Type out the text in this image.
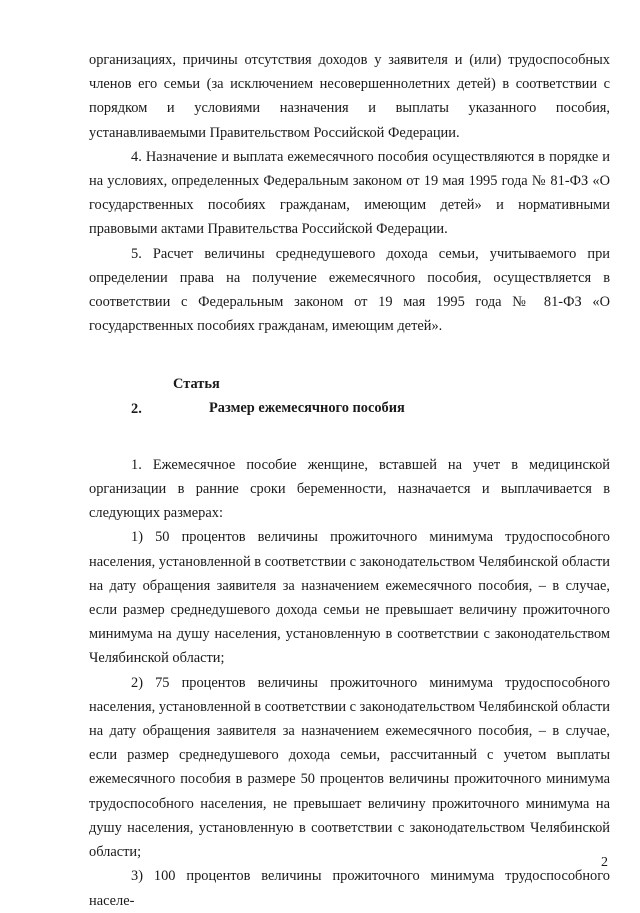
организациях, причины отсутствия доходов у заявителя и (или) трудоспособных членов его семьи (за исключением несовершеннолетних детей) в соответствии с порядком и условиями назначения и выплаты указанного пособия, устанавливаемыми Правительством Российской Федерации.

4. Назначение и выплата ежемесячного пособия осуществляются в порядке и на условиях, определенных Федеральным законом от 19 мая 1995 года № 81-ФЗ «О государственных пособиях гражданам, имеющим детей» и нормативными правовыми актами Правительства Российской Федерации.

5. Расчет величины среднедушевого дохода семьи, учитываемого при определении права на получение ежемесячного пособия, осуществляется в соответствии с Федеральным законом от 19 мая 1995 года № 81-ФЗ «О государственных пособиях гражданам, имеющим детей».

Статья 2.	Размер ежемесячного пособия

1. Ежемесячное пособие женщине, вставшей на учет в медицинской организации в ранние сроки беременности, назначается и выплачивается в следующих размерах:

1) 50 процентов величины прожиточного минимума трудоспособного населения, установленной в соответствии с законодательством Челябинской области на дату обращения заявителя за назначением ежемесячного пособия, – в случае, если размер среднедушевого дохода семьи не превышает величину прожиточного минимума на душу населения, установленную в соответствии с законодательством Челябинской области;

2) 75 процентов величины прожиточного минимума трудоспособного населения, установленной в соответствии с законодательством Челябинской области на дату обращения заявителя за назначением ежемесячного пособия, – в случае, если размер среднедушевого дохода семьи, рассчитанный с учетом выплаты ежемесячного пособия в размере 50 процентов величины прожиточного минимума трудоспособного населения, не превышает величину прожиточного минимума на душу населения, установленную в соответствии с законодательством Челябинской области;

3) 100 процентов величины прожиточного минимума трудоспособного населе-

2
